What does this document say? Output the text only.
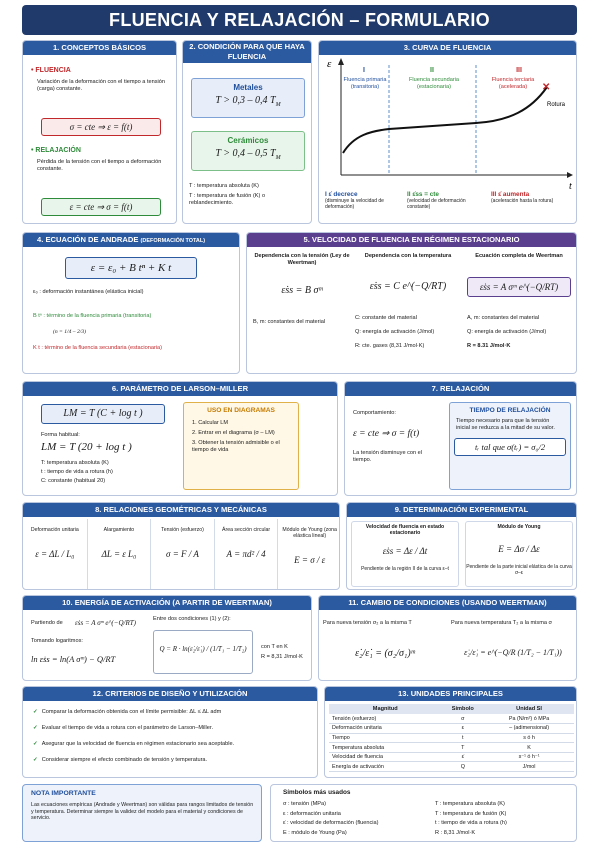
FLUENCIA Y RELAJACIÓN – FORMULARIO
1. CONCEPTOS BÁSICOS
• FLUENCIA
Variación de la deformación con el tiempo a tensión (carga) constante.
σ = cte ⇒ ε = f(t)
• RELAJACIÓN
Pérdida de la tensión con el tiempo a deformación constante.
ε = cte ⇒ σ = f(t)
2. CONDICIÓN PARA QUE HAYA FLUENCIA
Metales
T > 0,3 – 0,4 $T_M$
Cerámicos
T > 0,4 – 0,5 $T_M$
T : temperatura absoluta (K)
T : temperatura de fusión (K) o reblandecimiento.
3. CURVA DE FLUENCIA
✕
ε
t
I	II	III
Rotura
Fluencia primaria (transitoria)
Fluencia secundaria (estacionaria)
Fluencia terciaria (acelerada)
I ε̇ decrece
(disminuye la velocidad de deformación)
II ε̇ss = cte
(velocidad de deformación constante)
III ε̇ aumenta
(aceleración hasta la rotura)
4. ECUACIÓN DE ANDRADE (DEFORMACIÓN TOTAL)
ε = ε₀ + B tⁿ + K t
ε₀ : deformación instantánea (elástica inicial)
B tⁿ : término de la fluencia primaria (transitoria)
(n = 1/4 – 2/3)
K t : término de la fluencia secundaria (estacionaria)
5. VELOCIDAD DE FLUENCIA EN RÉGIMEN ESTACIONARIO
Dependencia con la tensión (Ley de Weertman)
ε̇ss = B σᵐ
B, m: constantes del material
Dependencia con la temperatura
ε̇ss = C e^(−Q/RT)
C: constante del material
Q: energía de activación (J/mol)
R: cte. gases (8,31 J/mol·K)
Ecuación completa de Weertman
ε̇ss = A σᵐ e^(−Q/RT)
A, m: constantes del material
Q: energía de activación (J/mol)
R = 8.31 J/mol·K
6. PARÁMETRO DE LARSON–MILLER
LM = T (C + log t )
Forma habitual:
LM = T (20 + log t )
T: temperatura absoluta (K)
t : tiempo de vida a rotura (h)
C: constante (habitual 20)
USO EN DIAGRAMAS
1. Calcular LM
2. Entrar en el diagrama (σ – LM)
3. Obtener la tensión admisible o el tiempo de vida
7. RELAJACIÓN
Comportamiento:
ε = cte ⇒ σ = f(t)
La tensión disminuye con el tiempo.
TIEMPO DE RELAJACIÓN
Tiempo necesario para que la tensión inicial se reduzca a la mitad de su valor.
tᵣ tal que σ(tᵣ) = σ₀/2
8. RELACIONES GEOMÉTRICAS Y MECÁNICAS
Deformación unitaria
ε = ΔL / L₀
Alargamiento
ΔL = ε L₀
Tensión (esfuerzo)
σ = F / A
Área sección circular
A = πd² / 4
Módulo de Young (zona elástica lineal)
E = σ / ε
9. DETERMINACIÓN EXPERIMENTAL
Velocidad de fluencia en estado estacionario
ε̇ss = Δε / Δt
Pendiente de la región II de la curva ε–t
Módulo de Young
E = Δσ / Δε
Pendiente de la parte inicial elástica de la curva σ–ε
10. ENERGÍA DE ACTIVACIÓN (A PARTIR DE WEERTMAN)
Partiendo de ε̇ss = A σᵐ e^(−Q/RT)
Tomando logaritmos:
ln ε̇ss = ln(A σᵐ) − Q/RT
Entre dos condiciones (1) y (2):
Q = R · ln(ε̇₂/ε̇₁) / (1/T₁ − 1/T₂)	con T en K
R = 8,31 J/mol·K
11. CAMBIO DE CONDICIONES (USANDO WEERTMAN)
Para nueva tensión σ₂ a la misma T
ε̇₂/ε̇₁ = (σ₂/σ₁)ᵐ
Para nueva temperatura T₂ a la misma σ
ε̇₂/ε̇₁ = e^(−Q/R (1/T₂ − 1/T₁))
12. CRITERIOS DE DISEÑO Y UTILIZACIÓN
✓ Comparar la deformación obtenida con el límite permisible: ΔL ≤ ΔL adm
✓ Evaluar el tiempo de vida a rotura con el parámetro de Larson–Miller.
✓ Asegurar que la velocidad de fluencia en régimen estacionario sea aceptable.
✓ Considerar siempre el efecto combinado de tensión y temperatura.
13. UNIDADES PRINCIPALES
Magnitud	Símbolo	Unidad SI
Tensión (esfuerzo)	σ	Pa (N/m²) ó MPa
Deformación unitaria	ε	– (adimensional)
Tiempo	t	s ó h
Temperatura absoluta	T	K
Velocidad de fluencia	ε̇	s⁻¹ ó h⁻¹
Energía de activación	Q	J/mol
NOTA IMPORTANTE
Las ecuaciones empíricas (Andrade y Weertman) son válidas para rangos limitados de tensión y temperatura. Determinar siempre la validez del modelo para el material y condiciones de servicio.
Símbolos más usados
σ : tensión (MPa)
ε : deformación unitaria
ε̇ : velocidad de deformación (fluencia)
E : módulo de Young (Pa)
T : temperatura absoluta (K)
T : temperatura de fusión (K)
t : tiempo de vida a rotura (h)
R : 8,31 J/mol·K
